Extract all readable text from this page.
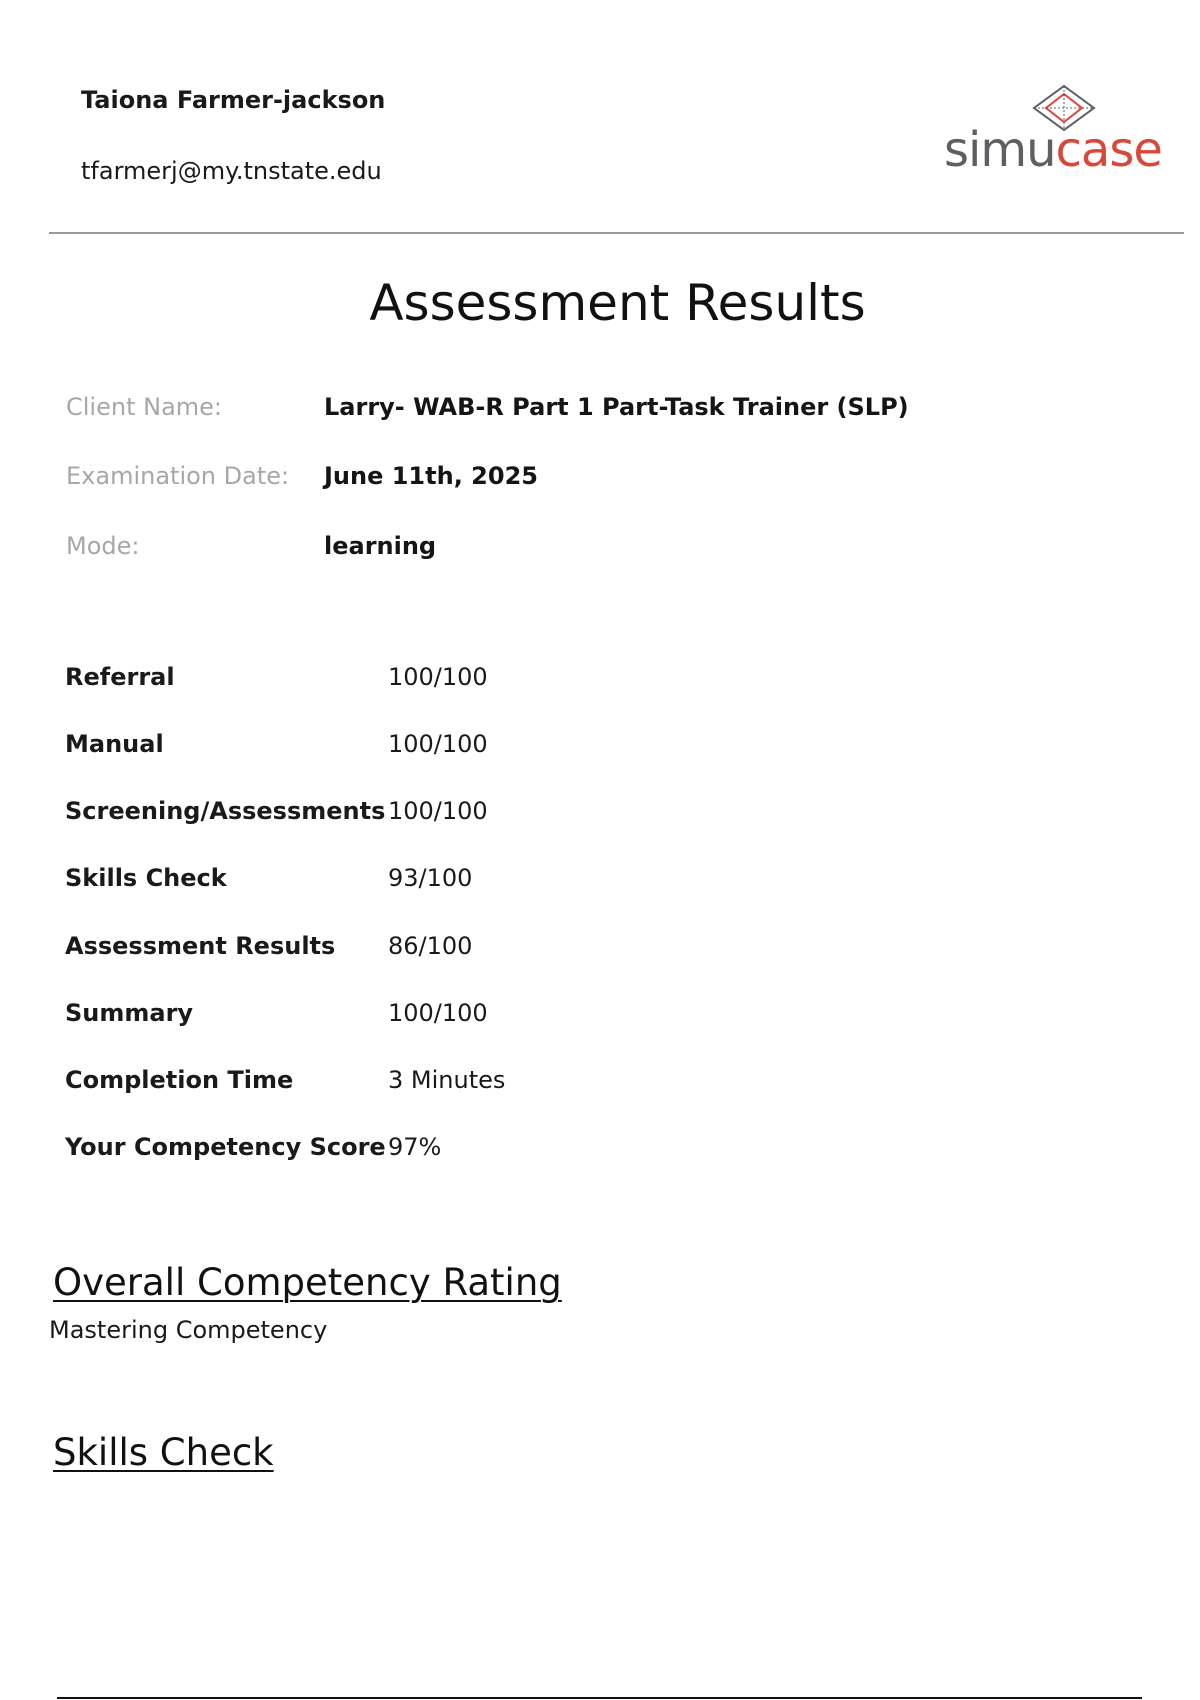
Taiona Farmer-jackson
tfarmerj@my.tnstate.edu	simucase
Assessment Results
Client Name:	Larry- WAB-R Part 1 Part-Task Trainer (SLP)
Examination Date: June 11th, 2025
Mode:	learning
Referral	100/100
Manual	100/100
Screening/Assessments 100/100
Skills Check	93/100
Assessment Results 86/100
Summary	100/100
Completion Time	3 Minutes
Your Competency Score 97%
Overall Competency Rating
Mastering Competency
Skills Check
